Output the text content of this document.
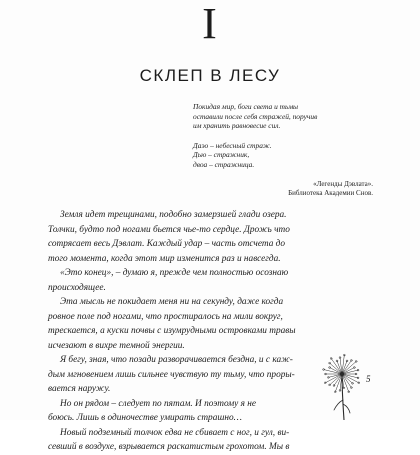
I
СКЛЕП В ЛЕСУ

Покидая мир, боги света и тьмы

оставили после себя стражей, поручив

им хранить равновесие сил.

Даэо – небесный страж.

Дью – стражник,

двоа – стражница.

«Легенды Дэвлата».

Библиотека Академии Снов.

Земля идет трещинами, подобно замерзшей глади озера.
Толчки, будто под ногами бьется чье-то сердце. Дрожь что
сотрясает весь Дэвлат. Каждый удар – часть отсчета до
того момента, когда этот мир изменится раз и навсегда.
«Это конец», – думаю я, прежде чем полностью осознаю
происходящее.
Эта мысль не покидает меня ни на секунду, даже когда
ровное поле под ногами, что простиралось на мили вокруг,
трескается, а куски почвы с изумрудными островками травы
исчезают в вихре темной энергии.
Я бегу, зная, что позади разворачивается бездна, и с каж-
дым мгновением лишь сильнее чувствую ту тьму, что проры-
вается наружу.
Но он рядом – следует по пятам. И поэтому я не
боюсь. Лишь в одиночестве умирать страшно…
Новый подземный толчок едва не сбивает с ног, и гул, ви-
севший в воздухе, взрывается раскатистым грохотом. Мы в
5
